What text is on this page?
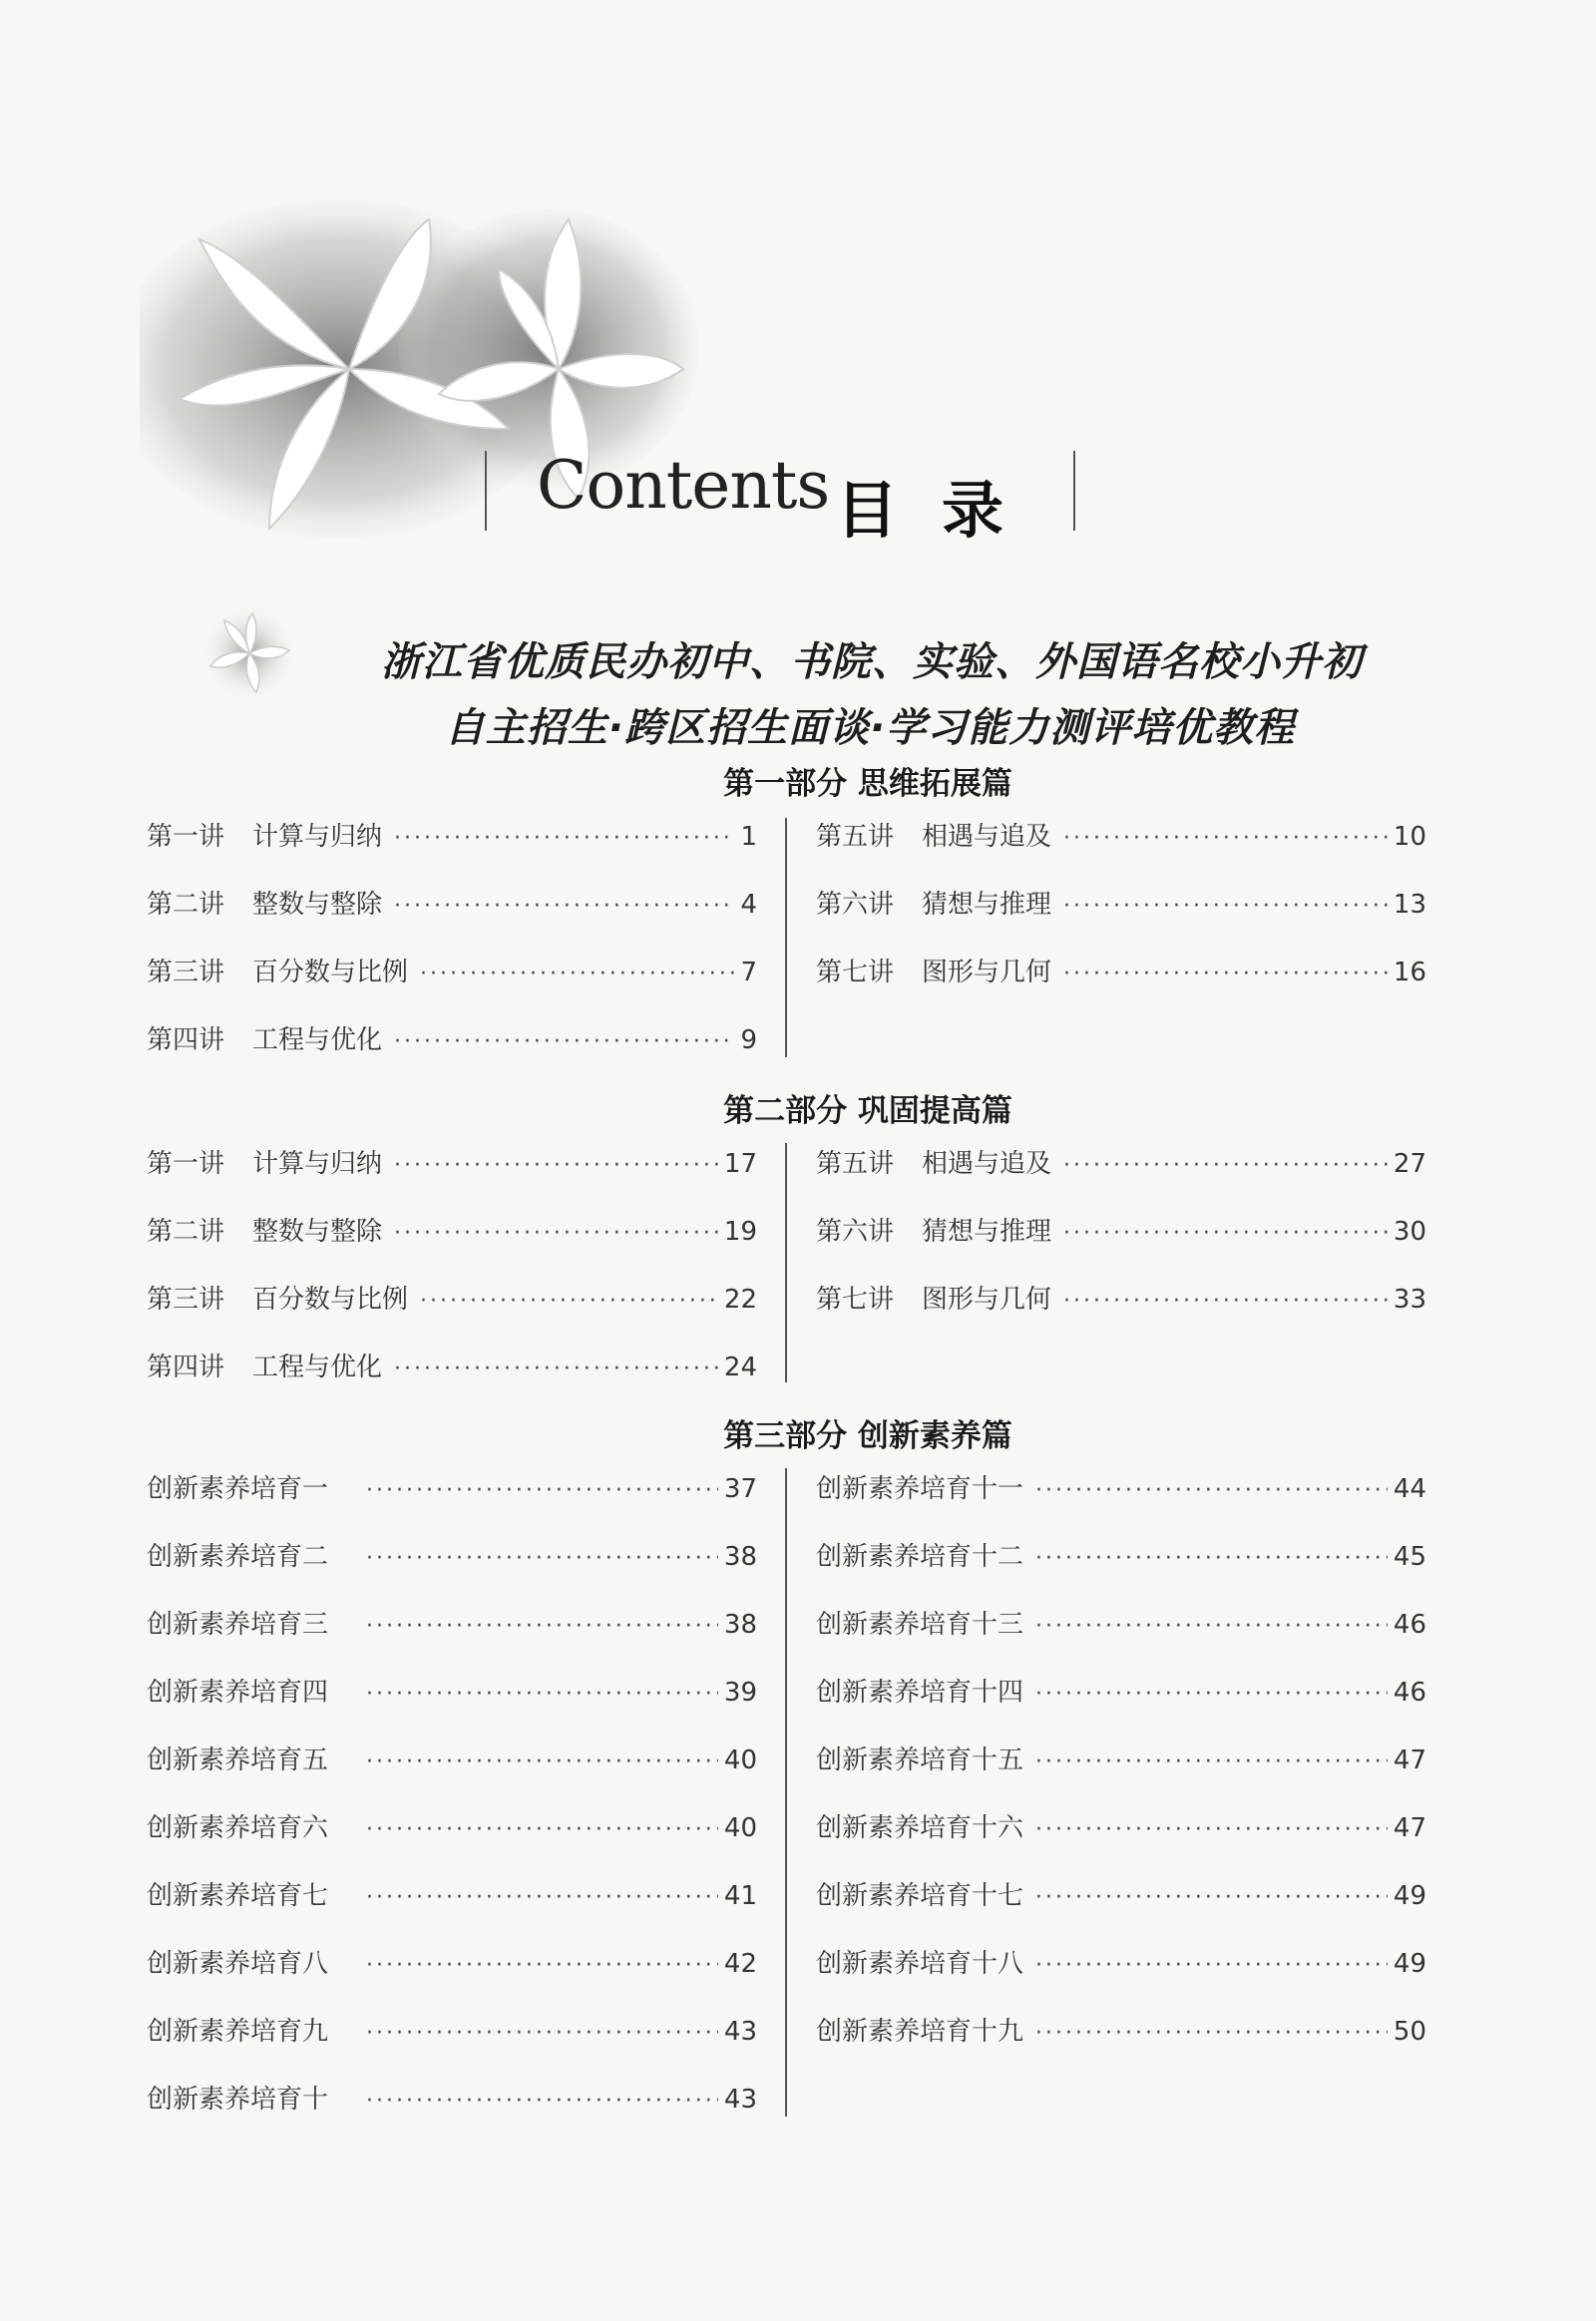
Contents 目录
浙江省优质民办初中、书院、实验、外国语名校小升初
自主招生·跨区招生面谈·学习能力测评培优教程
第一部分 思维拓展篇
第一讲 计算与归纳 ·····	1
第二讲 整数与整除 ·····	4
第三讲 百分数与比例 ·····	7
第四讲 工程与优化 ·····	9
第五讲 相遇与追及 ·····	10
第六讲 猜想与推理 ·····	13
第七讲 图形与几何 ·····	16
第二部分 巩固提高篇
第一讲 计算与归纳 ·····	17
第二讲 整数与整除 ·····	19
第三讲 百分数与比例 ·····	22
第四讲 工程与优化 ·····	24
第五讲 相遇与追及 ·····	27
第六讲 猜想与推理 ·····	30
第七讲 图形与几何 ·····	33
第三部分 创新素养篇
创新素养培育一 ·····	37
创新素养培育二 ·····	38
创新素养培育三 ·····	38
创新素养培育四 ·····	39
创新素养培育五 ·····	40
创新素养培育六 ·····	40
创新素养培育七 ·····	41
创新素养培育八 ·····	42
创新素养培育九 ·····	43
创新素养培育十 ·····	43
创新素养培育十一 ·····	44
创新素养培育十二 ·····	45
创新素养培育十三 ·····	46
创新素养培育十四 ·····	46
创新素养培育十五 ·····	47
创新素养培育十六 ·····	47
创新素养培育十七 ·····	49
创新素养培育十八 ·····	49
创新素养培育十九 ·····	50
